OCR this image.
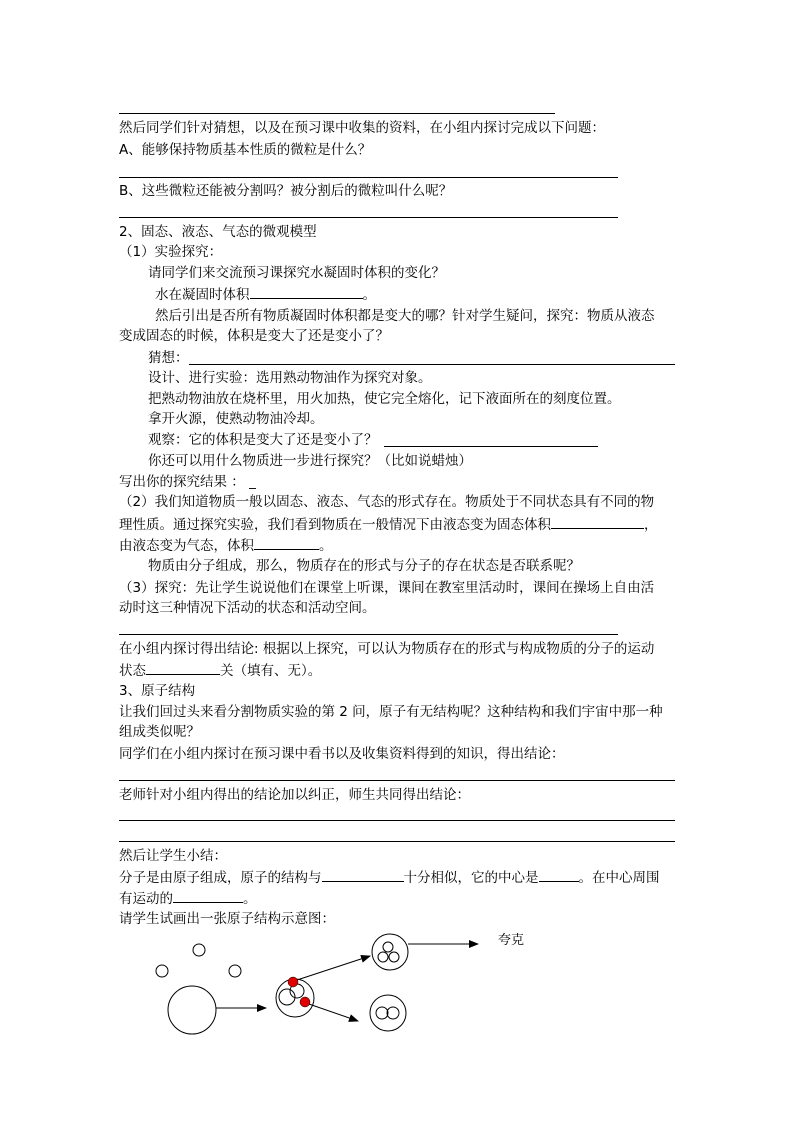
然后同学们针对猜想，以及在预习课中收集的资料，在小组内探讨完成以下问题：
A、能够保持物质基本性质的微粒是什么？
B、这些微粒还能被分割吗？被分割后的微粒叫什么呢？
2、固态、液态、气态的微观模型
（1）实验探究：
请同学们来交流预习课探究水凝固时体积的变化？
水在凝固时体积	。
然后引出是否所有物质凝固时体积都是变大的哪？针对学生疑问，探究：物质从液态
变成固态的时候，体积是变大了还是变小了？
猜想：
设计、进行实验：选用熟动物油作为探究对象。
把熟动物油放在烧杯里，用火加热，使它完全熔化，记下液面所在的刻度位置。
拿开火源，使熟动物油冷却。
观察：它的体积是变大了还是变小了？
你还可以用什么物质进一步进行探究？（比如说蜡烛）
写出你的探究结果 ： _
（2）我们知道物质一般以固态、液态、气态的形式存在。物质处于不同状态具有不同的物
理性质。通过探究实验，我们看到物质在一般情况下由液态变为固态体积	，
由液态变为气态，体积	。
物质由分子组成，那么，物质存在的形式与分子的存在状态是否联系呢？
（3）探究：先让学生说说他们在课堂上听课，课间在教室里活动时，课间在操场上自由活
动时这三种情况下活动的状态和活动空间。
在小组内探讨得出结论: 根据以上探究，可以认为物质存在的形式与构成物质的分子的运动
状态	关（填有、无）。
3、原子结构
让我们回过头来看分割物质实验的第 2 问，原子有无结构呢？这种结构和我们宇宙中那一种
组成类似呢？
同学们在小组内探讨在预习课中看书以及收集资料得到的知识，得出结论：
老师针对小组内得出的结论加以纠正，师生共同得出结论：
然后让学生小结：
分子是由原子组成，原子的结构与	十分相似，它的中心是	。在中心周围
有运动的	。
请学生试画出一张原子结构示意图：
夸克
